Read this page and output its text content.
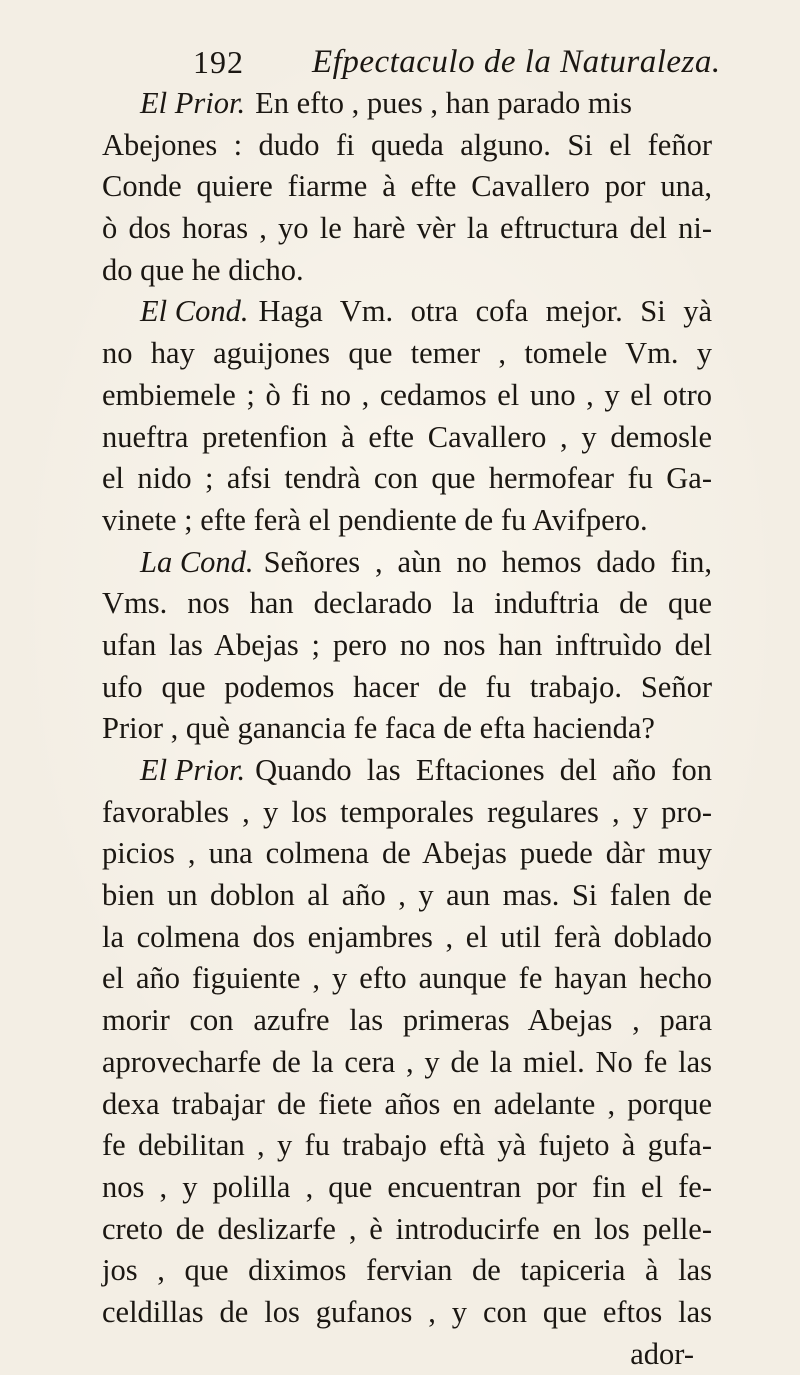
192 Efpectaculo de la Naturaleza.
El Prior. En efto , pues , han parado mis
Abejones : dudo fi queda alguno. Si el feñor Conde quiere fiarme à efte Cavallero por una, ò dos horas , yo le harè vèr la eftructura del ni-
do que he dicho.
El Cond. Haga Vm. otra cofa mejor. Si yà
no hay aguijones que temer , tomele Vm. y embiemele ; ò fi no , cedamos el uno , y el otro nueftra pretenfion à efte Cavallero , y demosle el nido ; afsi tendrà con que hermofear fu Ga-
vinete ; efte ferà el pendiente de fu Avifpero.
La Cond. Señores , aùn no hemos dado fin,
Vms. nos han declarado la induftria de que ufan las Abejas ; pero no nos han inftruìdo del ufo que podemos hacer de fu trabajo. Señor
Prior , què ganancia fe faca de efta hacienda?
El Prior. Quando las Eftaciones del año fon
favorables , y los temporales regulares , y pro- picios , una colmena de Abejas puede dàr muy bien un doblon al año , y aun mas. Si falen de la colmena dos enjambres , el util ferà doblado el año figuiente , y efto aunque fe hayan hecho morir con azufre las primeras Abejas , para aprovecharfe de la cera , y de la miel. No fe las dexa trabajar de fiete años en adelante , porque fe debilitan , y fu trabajo eftà yà fujeto à gufa- nos , y polilla , que encuentran por fin el fe- creto de deslizarfe , è introducirfe en los pelle- jos , que diximos fervian de tapiceria à las celdillas de los gufanos , y con que eftos las
ador-
